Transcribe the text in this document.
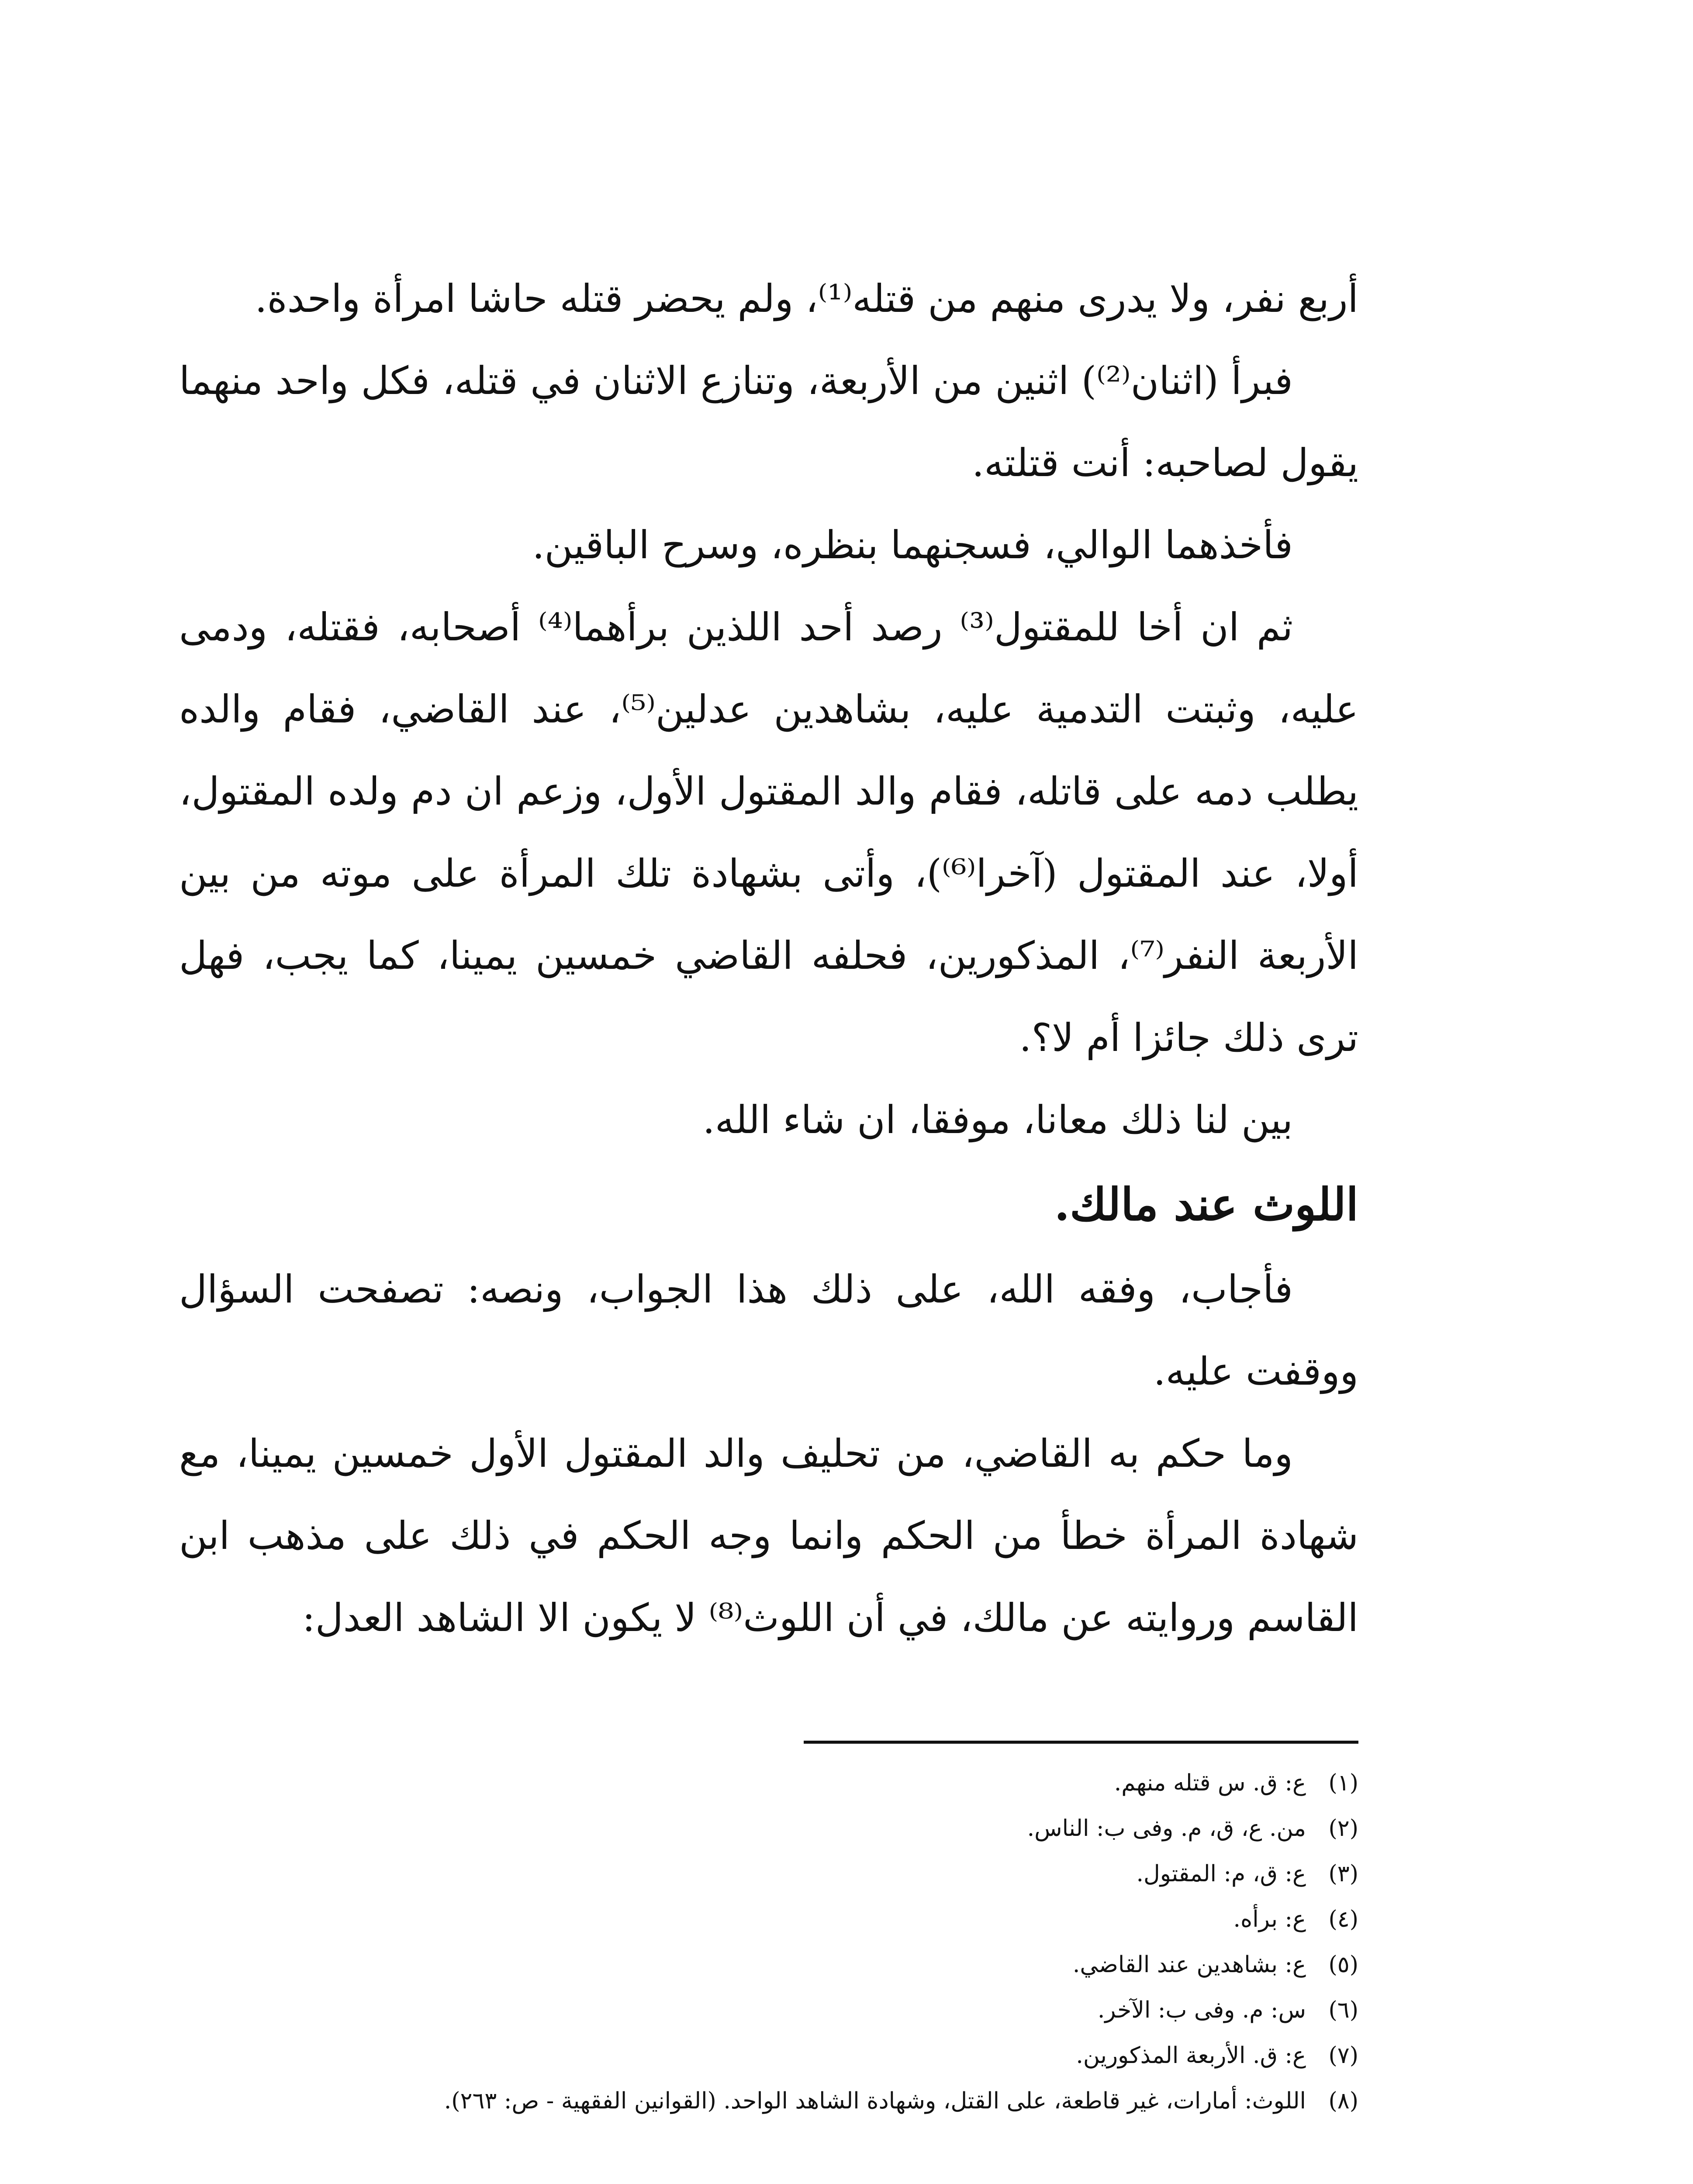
أربع نفر، ولا يدرى منهم من قتله⁽¹⁾، ولم يحضر قتله حاشا امرأة واحدة.

فبرأ (اثنان⁽²⁾) اثنين من الأربعة، وتنازع الاثنان في قتله، فكل واحد منهما يقول لصاحبه: أنت قتلته.

فأخذهما الوالي، فسجنهما بنظره، وسرح الباقين.

ثم ان أخا للمقتول⁽³⁾ رصد أحد اللذين برأهما⁽⁴⁾ أصحابه، فقتله، ودمى عليه، وثبتت التدمية عليه، بشاهدين عدلين⁽⁵⁾، عند القاضي، فقام والده يطلب دمه على قاتله، فقام والد المقتول الأول، وزعم ان دم ولده المقتول، أولا، عند المقتول (آخرا⁽⁶⁾)، وأتى بشهادة تلك المرأة على موته من بين الأربعة النفر⁽⁷⁾، المذكورين، فحلفه القاضي خمسين يمينا، كما يجب، فهل ترى ذلك جائزا أم لا؟.

بين لنا ذلك معانا، موفقا، ان شاء الله.

اللوث عند مالك.

فأجاب، وفقه الله، على ذلك هذا الجواب، ونصه: تصفحت السؤال ووقفت عليه.

وما حكم به القاضي، من تحليف والد المقتول الأول خمسين يمينا، مع شهادة المرأة خطأ من الحكم وانما وجه الحكم في ذلك على مذهب ابن القاسم وروايته عن مالك، في أن اللوث⁽⁸⁾ لا يكون الا الشاهد العدل:

(١)ع: ق. س قتله منهم.

(٢)من. ع، ق، م. وفى ب: الناس.

(٣)ع: ق، م: المقتول.

(٤)ع: برأه.

(٥)ع: بشاهدين عند القاضي.

(٦)س: م. وفى ب: الآخر.

(٧)ع: ق. الأربعة المذكورين.

(٨)اللوث: أمارات، غير قاطعة، على القتل، وشهادة الشاهد الواحد. (القوانين الفقهية - ص: ٢٦٣).
